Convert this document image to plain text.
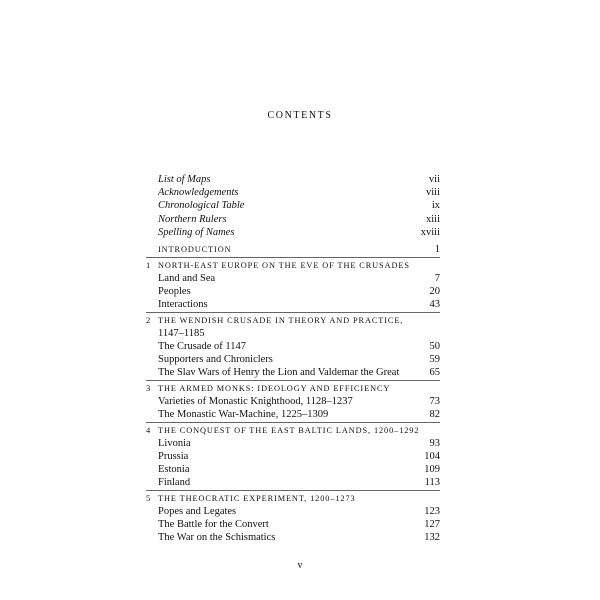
CONTENTS
List of Maps	vii
Acknowledgements	viii
Chronological Table	ix
Northern Rulers	xiii
Spelling of Names	xviii
INTRODUCTION	1
1 NORTH-EAST EUROPE ON THE EVE OF THE CRUSADES
Land and Sea	7
Peoples	20
Interactions	43
2 THE WENDISH CRUSADE IN THEORY AND PRACTICE,
1147–1185
The Crusade of 1147	50
Supporters and Chroniclers	59
The Slav Wars of Henry the Lion and Valdemar the Great	65
3 THE ARMED MONKS: IDEOLOGY AND EFFICIENCY
Varieties of Monastic Knighthood, 1128–1237	73
The Monastic War-Machine, 1225–1309	82
4 THE CONQUEST OF THE EAST BALTIC LANDS, 1200–1292
Livonia	93
Prussia	104
Estonia	109
Finland	113
5 THE THEOCRATIC EXPERIMENT, 1200–1273
Popes and Legates	123
The Battle for the Convert	127
The War on the Schismatics	132
v
